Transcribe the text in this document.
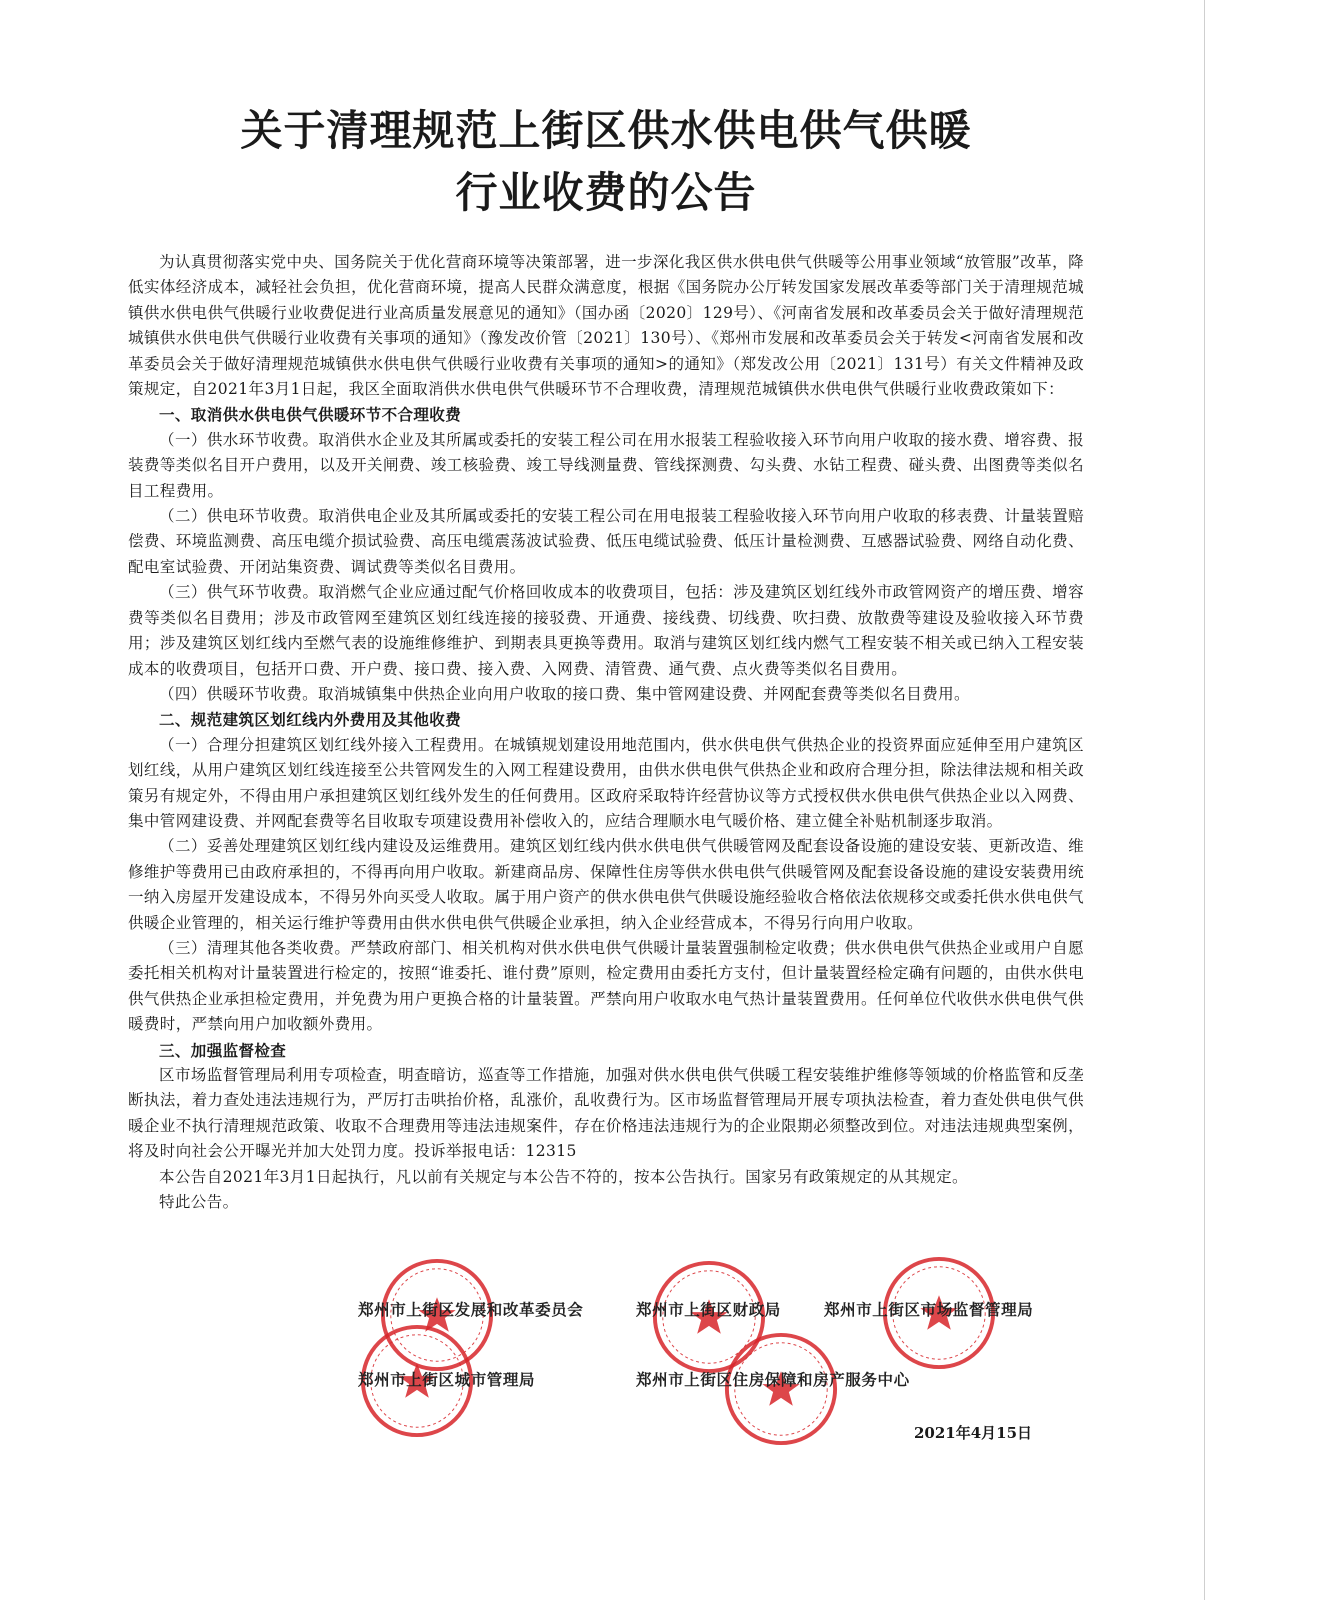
关于清理规范上街区供水供电供气供暖
行业收费的公告

为认真贯彻落实党中央、国务院关于优化营商环境等决策部署，进一步深化我区供水供电供气供暖等公用事业领域“放管服”改革，降低实体经济成本，减轻社会负担，优化营商环境，提高人民群众满意度，根据《国务院办公厅转发国家发展改革委等部门关于清理规范城镇供水供电供气供暖行业收费促进行业高质量发展意见的通知》（国办函〔2020〕129号）、《河南省发展和改革委员会关于做好清理规范城镇供水供电供气供暖行业收费有关事项的通知》（豫发改价管〔2021〕130号）、《郑州市发展和改革委员会关于转发<河南省发展和改革委员会关于做好清理规范城镇供水供电供气供暖行业收费有关事项的通知>的通知》（郑发改公用〔2021〕131号）有关文件精神及政策规定，自2021年3月1日起，我区全面取消供水供电供气供暖环节不合理收费，清理规范城镇供水供电供气供暖行业收费政策如下：

一、取消供水供电供气供暖环节不合理收费

（一）供水环节收费。取消供水企业及其所属或委托的安装工程公司在用水报装工程验收接入环节向用户收取的接水费、增容费、报装费等类似名目开户费用，以及开关闸费、竣工核验费、竣工导线测量费、管线探测费、勾头费、水钻工程费、碰头费、出图费等类似名目工程费用。

（二）供电环节收费。取消供电企业及其所属或委托的安装工程公司在用电报装工程验收接入环节向用户收取的移表费、计量装置赔偿费、环境监测费、高压电缆介损试验费、高压电缆震荡波试验费、低压电缆试验费、低压计量检测费、互感器试验费、网络自动化费、配电室试验费、开闭站集资费、调试费等类似名目费用。

（三）供气环节收费。取消燃气企业应通过配气价格回收成本的收费项目，包括：涉及建筑区划红线外市政管网资产的增压费、增容费等类似名目费用；涉及市政管网至建筑区划红线连接的接驳费、开通费、接线费、切线费、吹扫费、放散费等建设及验收接入环节费用；涉及建筑区划红线内至燃气表的设施维修维护、到期表具更换等费用。取消与建筑区划红线内燃气工程安装不相关或已纳入工程安装成本的收费项目，包括开口费、开户费、接口费、接入费、入网费、清管费、通气费、点火费等类似名目费用。

（四）供暖环节收费。取消城镇集中供热企业向用户收取的接口费、集中管网建设费、并网配套费等类似名目费用。

二、规范建筑区划红线内外费用及其他收费

（一）合理分担建筑区划红线外接入工程费用。在城镇规划建设用地范围内，供水供电供气供热企业的投资界面应延伸至用户建筑区划红线，从用户建筑区划红线连接至公共管网发生的入网工程建设费用，由供水供电供气供热企业和政府合理分担，除法律法规和相关政策另有规定外，不得由用户承担建筑区划红线外发生的任何费用。区政府采取特许经营协议等方式授权供水供电供气供热企业以入网费、集中管网建设费、并网配套费等名目收取专项建设费用补偿收入的，应结合理顺水电气暖价格、建立健全补贴机制逐步取消。

（二）妥善处理建筑区划红线内建设及运维费用。建筑区划红线内供水供电供气供暖管网及配套设备设施的建设安装、更新改造、维修维护等费用已由政府承担的，不得再向用户收取。新建商品房、保障性住房等供水供电供气供暖管网及配套设备设施的建设安装费用统一纳入房屋开发建设成本，不得另外向买受人收取。属于用户资产的供水供电供气供暖设施经验收合格依法依规移交或委托供水供电供气供暖企业管理的，相关运行维护等费用由供水供电供气供暖企业承担，纳入企业经营成本，不得另行向用户收取。

（三）清理其他各类收费。严禁政府部门、相关机构对供水供电供气供暖计量装置强制检定收费；供水供电供气供热企业或用户自愿委托相关机构对计量装置进行检定的，按照“谁委托、谁付费”原则，检定费用由委托方支付，但计量装置经检定确有问题的，由供水供电供气供热企业承担检定费用，并免费为用户更换合格的计量装置。严禁向用户收取水电气热计量装置费用。任何单位代收供水供电供气供暖费时，严禁向用户加收额外费用。

三、加强监督检查

区市场监督管理局利用专项检查，明查暗访，巡查等工作措施，加强对供水供电供气供暖工程安装维护维修等领域的价格监管和反垄断执法，着力查处违法违规行为，严厉打击哄抬价格，乱涨价，乱收费行为。区市场监督管理局开展专项执法检查，着力查处供电供气供暖企业不执行清理规范政策、收取不合理费用等违法违规案件，存在价格违法违规行为的企业限期必须整改到位。对违法违规典型案例，将及时向社会公开曝光并加大处罚力度。投诉举报电话：12315

本公告自2021年3月1日起执行，凡以前有关规定与本公告不符的，按本公告执行。国家另有政策规定的从其规定。

特此公告。

郑州市上街区发展和改革委员会	郑州市上街区财政局	郑州市上街区市场监督管理局
郑州市上街区城市管理局	郑州市上街区住房保障和房产服务中心
2021年4月15日
